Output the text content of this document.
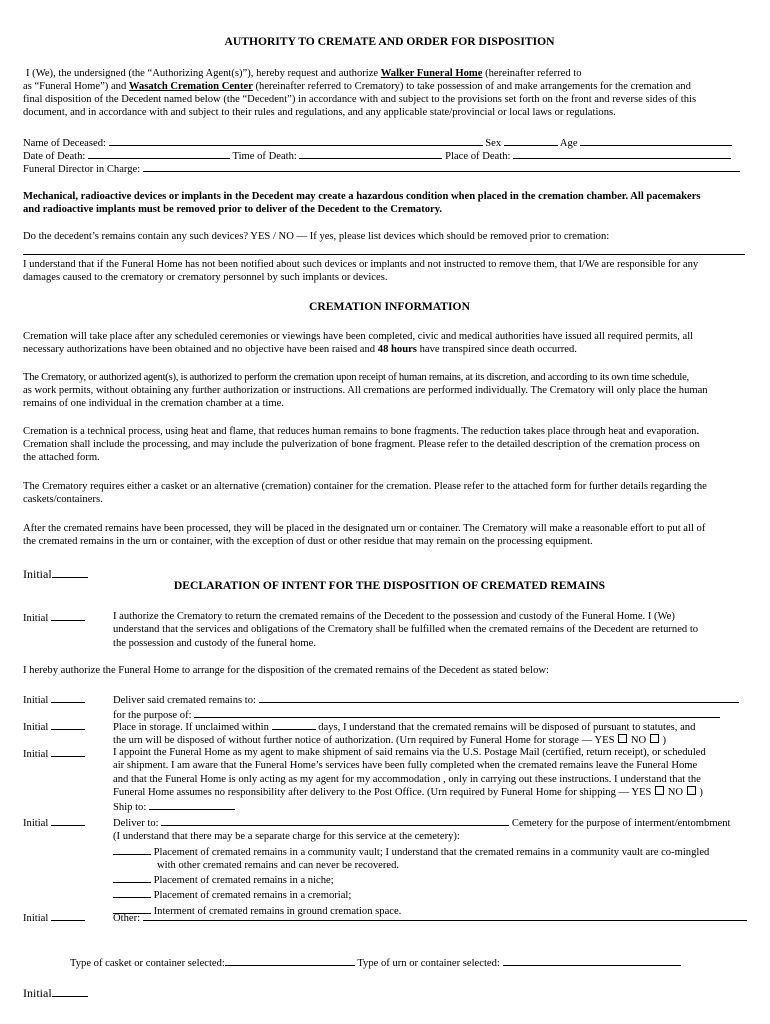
AUTHORITY TO CREMATE AND ORDER FOR DISPOSITION
I (We), the undersigned (the “Authorizing Agent(s)”), hereby request and authorize Walker Funeral Home (hereinafter referred to
as “Funeral Home”) and Wasatch Cremation Center (hereinafter referred to Crematory) to take possession of and make arrangements for the cremation and
final disposition of the Decedent named below (the “Decedent”) in accordance with and subject to the provisions set forth on the front and reverse sides of this
document, and in accordance with and subject to their rules and regulations, and any applicable state/provincial or local laws or regulations.
Name of Deceased:	Sex	Age
Date of Death:	Time of Death:	Place of Death:
Funeral Director in Charge:
Mechanical, radioactive devices or implants in the Decedent may create a hazardous condition when placed in the cremation chamber. All pacemakers
and radioactive implants must be removed prior to deliver of the Decedent to the Crematory.
Do the decedent’s remains contain any such devices? YES / NO — If yes, please list devices which should be removed prior to cremation:
I understand that if the Funeral Home has not been notified about such devices or implants and not instructed to remove them, that I/We are responsible for any
damages caused to the crematory or crematory personnel by such implants or devices.
CREMATION INFORMATION
Cremation will take place after any scheduled ceremonies or viewings have been completed, civic and medical authorities have issued all required permits, all
necessary authorizations have been obtained and no objective have been raised and 48 hours have transpired since death occurred.
The Crematory, or authorized agent(s), is authorized to perform the cremation upon receipt of human remains, at its discretion, and according to its own time schedule,
as work permits, without obtaining any further authorization or instructions. All cremations are performed individually. The Crematory will only place the human
remains of one individual in the cremation chamber at a time.
Cremation is a technical process, using heat and flame, that reduces human remains to bone fragments. The reduction takes place through heat and evaporation.
Cremation shall include the processing, and may include the pulverization of bone fragment. Please refer to the detailed description of the cremation process on
the attached form.
The Crematory requires either a casket or an alternative (cremation) container for the cremation. Please refer to the attached form for further details regarding the
caskets/containers.
After the cremated remains have been processed, they will be placed in the designated urn or container. The Crematory will make a reasonable effort to put all of
the cremated remains in the urn or container, with the exception of dust or other residue that may remain on the processing equipment.
Initial
DECLARATION OF INTENT FOR THE DISPOSITION OF CREMATED REMAINS
Initial	I authorize the Crematory to return the cremated remains of the Decedent to the possession and custody of the Funeral Home. I (We)
understand that the services and obligations of the Crematory shall be fulfilled when the cremated remains of the Decedent are returned to
the possession and custody of the funeral home.
I hereby authorize the Funeral Home to arrange for the disposition of the cremated remains of the Decedent as stated below:
Initial	Deliver said cremated remains to:
for the purpose of:
Initial	Place in storage. If unclaimed within	days, I understand that the cremated remains will be disposed of pursuant to statutes, and
the urn will be disposed of without further notice of authorization. (Urn required by Funeral Home for storage — YES NO )
Initial	I appoint the Funeral Home as my agent to make shipment of said remains via the U.S. Postage Mail (certified, return receipt), or scheduled
air shipment. I am aware that the Funeral Home’s services have been fully completed when the cremated remains leave the Funeral Home
and that the Funeral Home is only acting as my agent for my accommodation , only in carrying out these instructions. I understand that the
Funeral Home assumes no responsibility after delivery to the Post Office. (Urn required by Funeral Home for shipping — YES NO )
Ship to:
Initial	Deliver to:	Cemetery for the purpose of interment/entombment
(I understand that there may be a separate charge for this service at the cemetery):
Placement of cremated remains in a community vault; I understand that the cremated remains in a community vault are co-mingled
with other cremated remains and can never be recovered.
Placement of cremated remains in a niche;
Placement of cremated remains in a cremorial;
Interment of cremated remains in ground cremation space.
Initial	Other:
Type of casket or container selected:	Type of urn or container selected:
Initial
